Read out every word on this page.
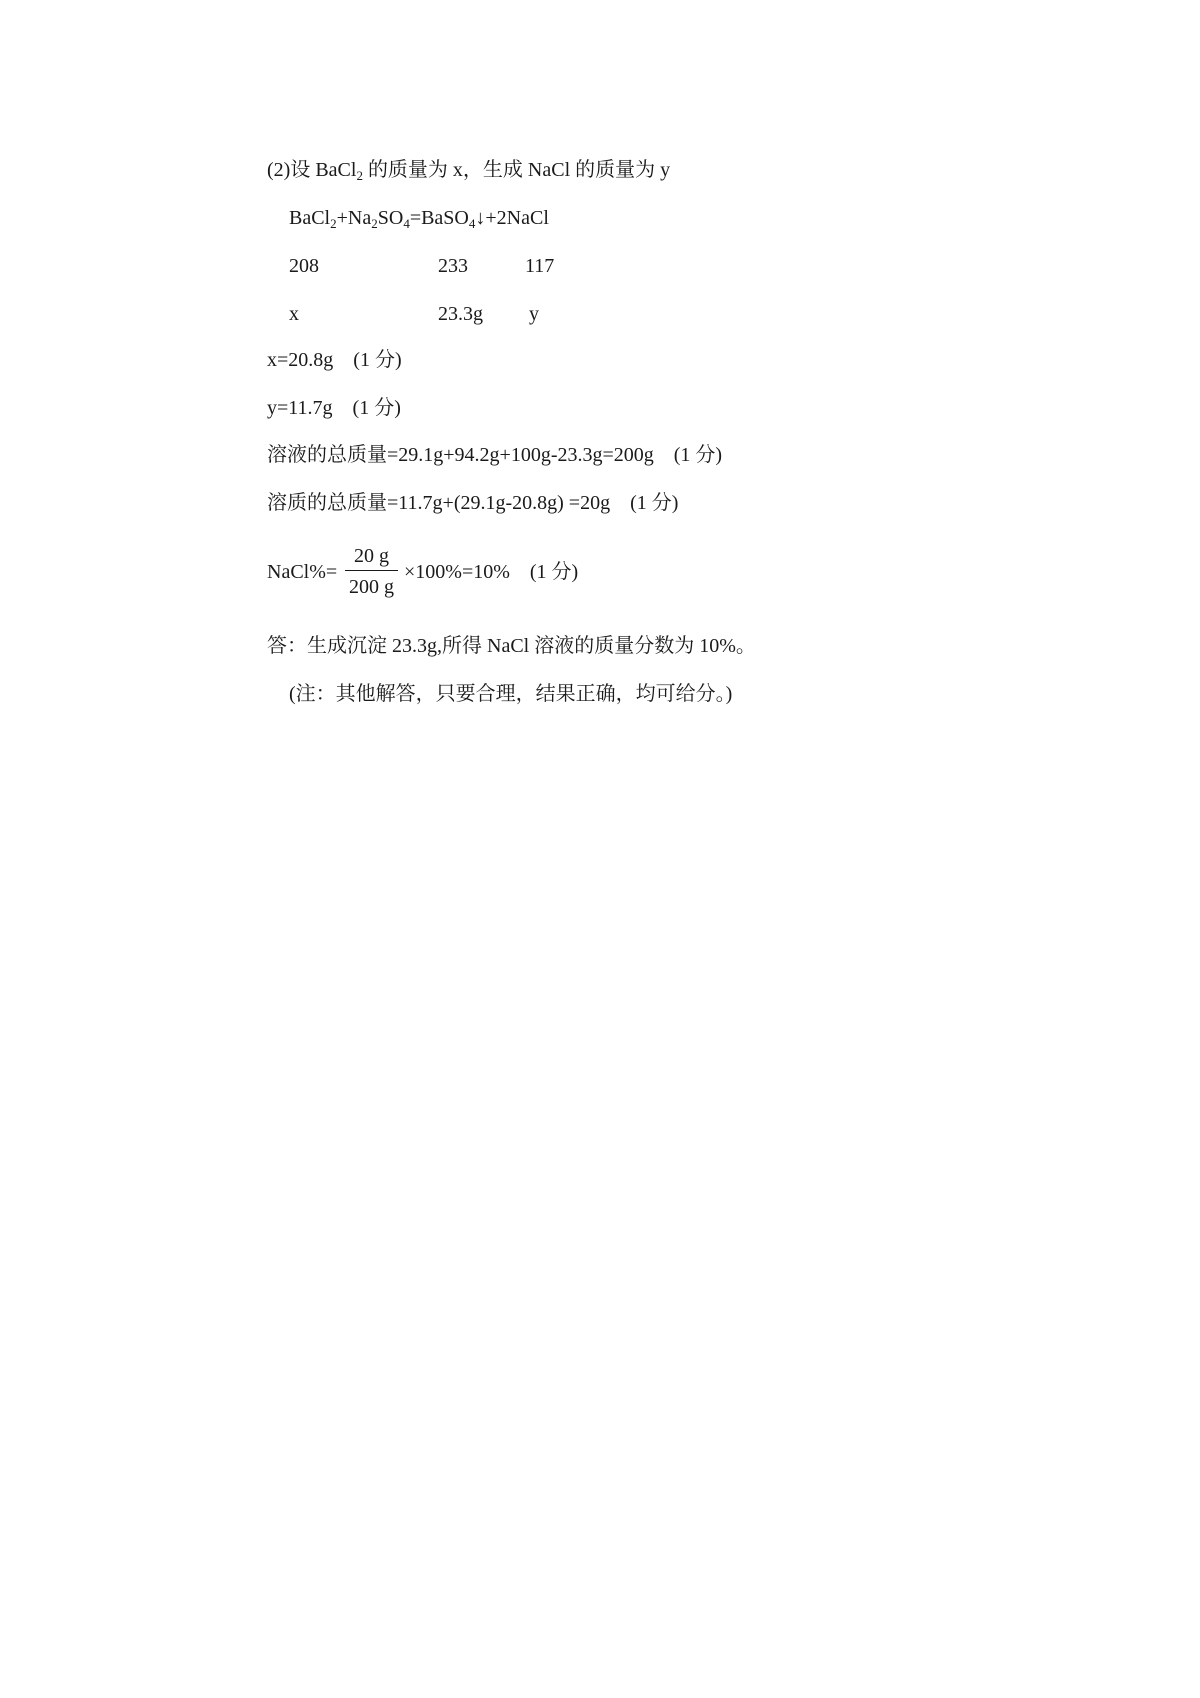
(2)设 BaCl$_2$ 的质量为 x，生成 NaCl 的质量为 y
$BaCl_2+Na_2SO_4=BaSO_4↓+2NaCl$
208	233	117
x	23.3g y
x=20.8g　(1 分)
y=11.7g　(1 分)
溶液的总质量=29.1g+94.2g+100g-23.3g=200g　(1 分)
溶质的总质量=11.7g+(29.1g-20.8g) =20g　(1 分)
NaCl%= $\frac{20 g}{200 g} \times 100\%=10\%$　(1 分)
答：生成沉淀 23.3g,所得 NaCl 溶液的质量分数为 10%。
(注：其他解答，只要合理，结果正确，均可给分。)
